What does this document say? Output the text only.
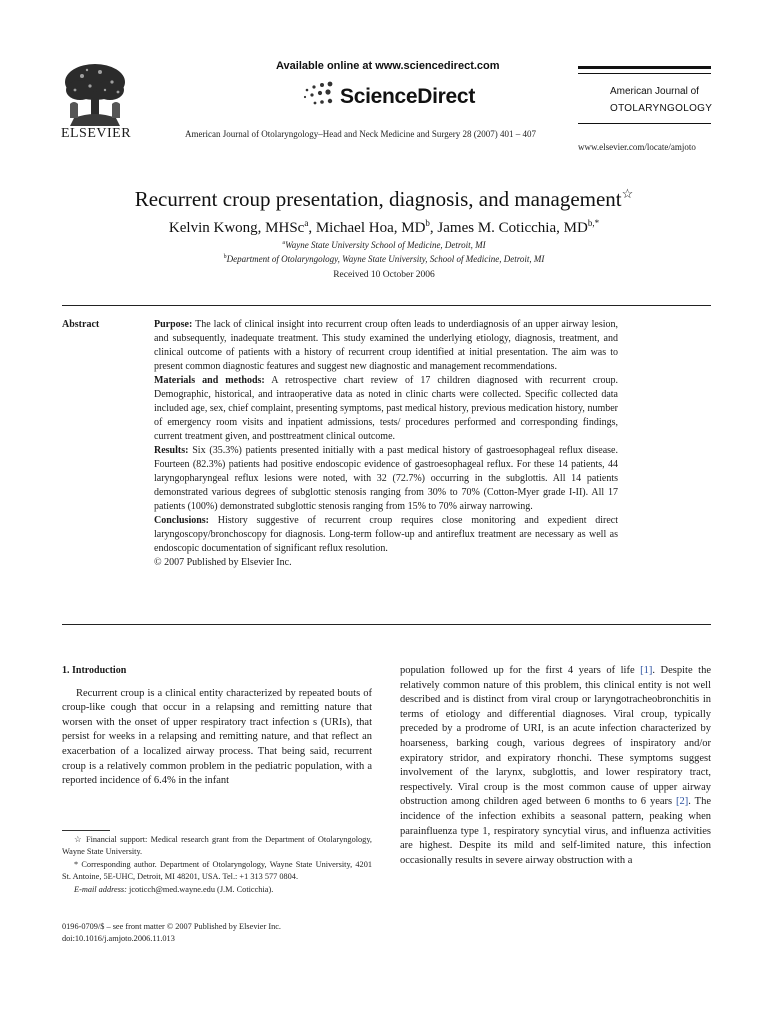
ELSEVIER
Available online at www.sciencedirect.com
ScienceDirect
American Journal of Otolaryngology–Head and Neck Medicine and Surgery 28 (2007) 401 – 407
American Journal of
OTOLARYNGOLOGY
www.elsevier.com/locate/amjoto
Recurrent croup presentation, diagnosis, and management☆
Kelvin Kwong, MHSc$^a$, Michael Hoa, $MD^b$, James M. Coticchia, $MD^{b,*}$
$^a$Wayne State University School of Medicine, Detroit, MI
$^b$Department of Otolaryngology, Wayne State University, School of Medicine, Detroit, MI
Received 10 October 2006
Abstract	Purpose: The lack of clinical insight into recurrent croup often leads to underdiagnosis of an upper airway lesion, and subsequently, inadequate treatment. This study examined the underlying etiology, diagnosis, treatment, and clinical outcome of patients with a history of recurrent croup identified at initial presentation. The aim was to present common diagnostic features and suggest new diagnostic and management recommendations.

Materials and methods: A retrospective chart review of 17 children diagnosed with recurrent croup. Demographic, historical, and intraoperative data as noted in clinic charts were collected. Specific collected data included age, sex, chief complaint, presenting symptoms, past medical history, previous medication history, number of emergency room visits and inpatient admissions, tests/ procedures performed and corresponding findings, current treatment given, and posttreatment clinical outcome.

Results: Six (35.3%) patients presented initially with a past medical history of gastroesophageal reflux disease. Fourteen (82.3%) patients had positive endoscopic evidence of gastroesophageal reflux. For these 14 patients, 44 laryngopharyngeal reflux lesions were noted, with 32 (72.7%) occurring in the subglottis. All 14 patients demonstrated various degrees of subglottic stenosis ranging from 30% to 70% (Cotton-Myer grade I-II). All 17 patients (100%) demonstrated subglottic stenosis ranging from 15% to 70% airway narrowing.

Conclusions: History suggestive of recurrent croup requires close monitoring and expedient direct laryngoscopy/bronchoscopy for diagnosis. Long-term follow-up and antireflux treatment are necessary as well as endoscopic documentation of significant reflux resolution.

© 2007 Published by Elsevier Inc.

1. Introduction

Recurrent croup is a clinical entity characterized by repeated bouts of croup-like cough that occur in a relapsing and remitting nature that worsen with the onset of upper respiratory tract infection s (URIs), that persist for weeks in a relapsing and remitting nature, and that reflect an exacerbation of a localized airway process. That being said, recurrent croup is a relatively common problem in the pediatric population, with a reported incidence of 6.4% in the infant

population followed up for the first 4 years of life [1]. Despite the relatively common nature of this problem, this clinical entity is not well described and is distinct from viral croup or laryngotracheobronchitis in terms of etiology and differential diagnoses. Viral croup, typically preceded by a prodrome of URI, is an acute infection characterized by hoarseness, barking cough, various degrees of inspiratory and/or expiratory stridor, and expiratory rhonchi. These symptoms suggest involvement of the larynx, subglottis, and lower respiratory tract, respectively. Viral croup is the most common cause of upper airway obstruction among children aged between 6 months to 6 years [2]. The incidence of the infection exhibits a seasonal pattern, peaking when parainfluenza type 1, respiratory syncytial virus, and influenza activities are highest. Despite its mild and self-limited nature, this infection occasionally results in severe airway obstruction with a

☆ Financial support: Medical research grant from the Department of Otolaryngology, Wayne State University.

* Corresponding author. Department of Otolaryngology, Wayne State University, 4201 St. Antoine, 5E-UHC, Detroit, MI 48201, USA. Tel.: +1 313 577 0804.

E-mail address: jcoticch@med.wayne.edu (J.M. Coticchia).

0196-0709/$ – see front matter © 2007 Published by Elsevier Inc.

doi:10.1016/j.amjoto.2006.11.013
